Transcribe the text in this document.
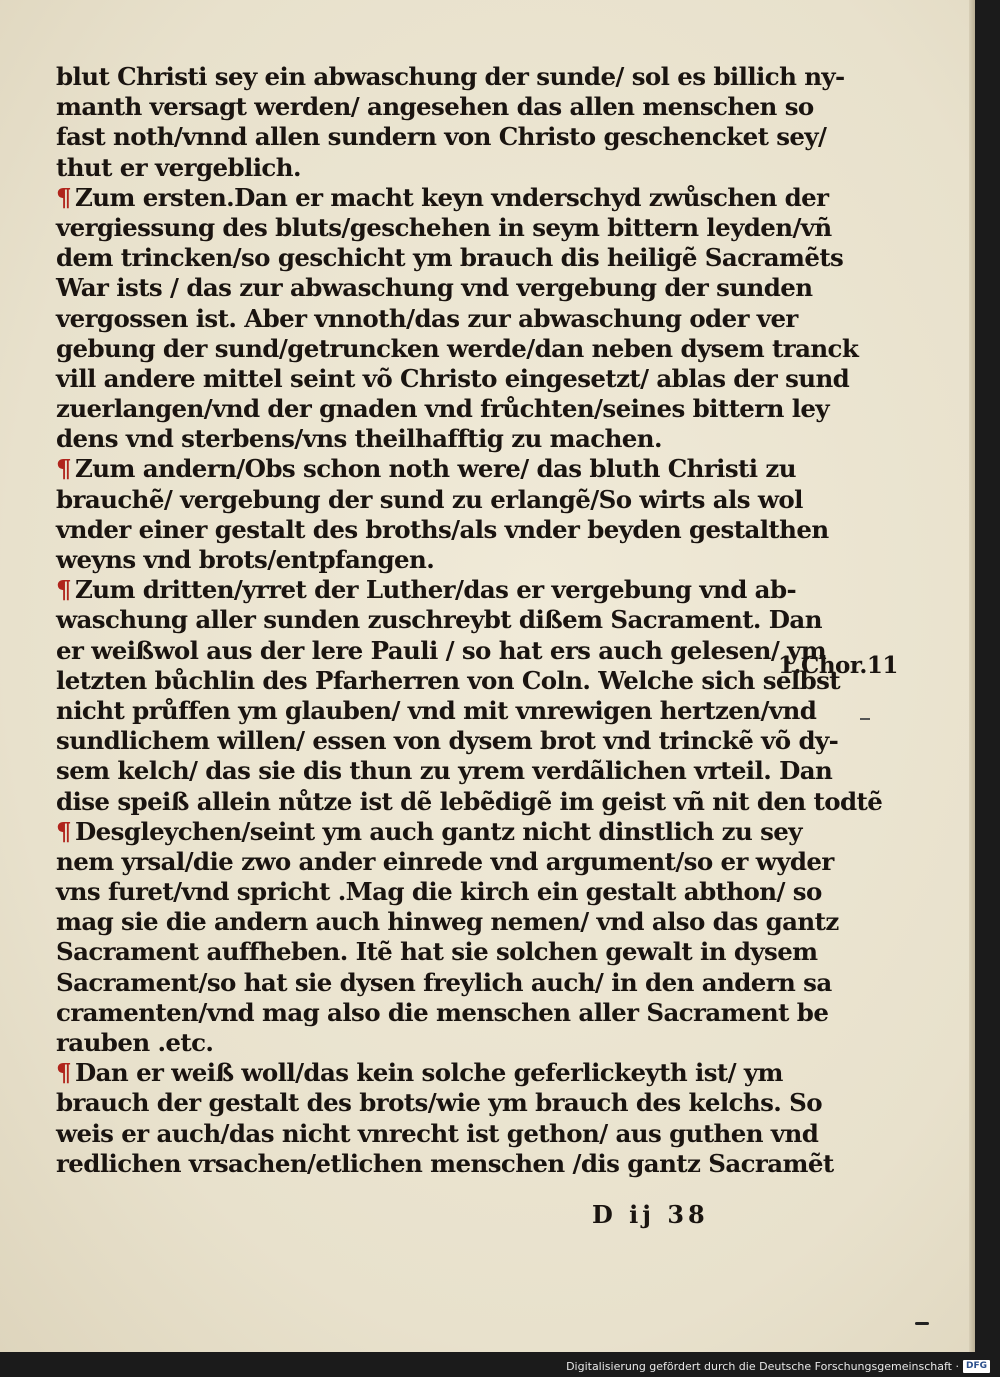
blut Christi sey ein abwaschung der sunde/ sol es billich ny-
manth versagt werden/ angesehen das allen menschen so
fast noth/vnnd allen sundern von Christo geschencket sey/
thut er vergeblich.
¶ Zum ersten.Dan er macht keyn vnderschyd zwůschen der
vergiessung des bluts/geschehen in seym bittern leyden/vñ
dem trincken/so geschicht ym brauch dis heiligẽ Sacramẽts
War ists / das zur abwaschung vnd vergebung der sunden
vergossen ist. Aber vnnoth/das zur abwaschung oder ver
gebung der sund/getruncken werde/dan neben dysem tranck
vill andere mittel seint võ Christo eingesetzt/ ablas der sund
zuerlangen/vnd der gnaden vnd frůchten/seines bittern ley
dens vnd sterbens/vns theilhafftig zu machen.
¶ Zum andern/Obs schon noth were/ das bluth Christi zu
brauchẽ/ vergebung der sund zu erlangẽ/So wirts als wol
vnder einer gestalt des broths/als vnder beyden gestalthen
weyns vnd brots/entpfangen.
¶ Zum dritten/yrret der Luther/das er vergebung vnd ab-
waschung aller sunden zuschreybt dißem Sacrament. Dan
er weißwol aus der lere Pauli / so hat ers auch gelesen/ ym
letzten bůchlin des Pfarherren von Coln. Welche sich selbst
nicht průffen ym glauben/ vnd mit vnrewigen hertzen/vnd
sundlichem willen/ essen von dysem brot vnd trinckẽ võ dy-
sem kelch/ das sie dis thun zu yrem verdãlichen vrteil. Dan
dise speiß allein nůtze ist dẽ lebẽdigẽ im geist vñ nit den todtẽ
¶ Desgleychen/seint ym auch gantz nicht dinstlich zu sey
nem yrsal/die zwo ander einrede vnd argument/so er wyder
vns furet/vnd spricht .Mag die kirch ein gestalt abthon/ so
mag sie die andern auch hinweg nemen/ vnd also das gantz
Sacrament auffheben. Itẽ hat sie solchen gewalt in dysem
Sacrament/so hat sie dysen freylich auch/ in den andern sa
cramenten/vnd mag also die menschen aller Sacrament be
rauben .etc.
¶ Dan er weiß woll/das kein solche geferlickeyth ist/ ym
brauch der gestalt des brots/wie ym brauch des kelchs. So
weis er auch/das nicht vnrecht ist gethon/ aus guthen vnd
redlichen vrsachen/etlichen menschen /dis gantz Sacramẽt
1.Chor.11
D ij 38
Digitalisierung gefördert durch die Deutsche Forschungsgemeinschaft · DFG
